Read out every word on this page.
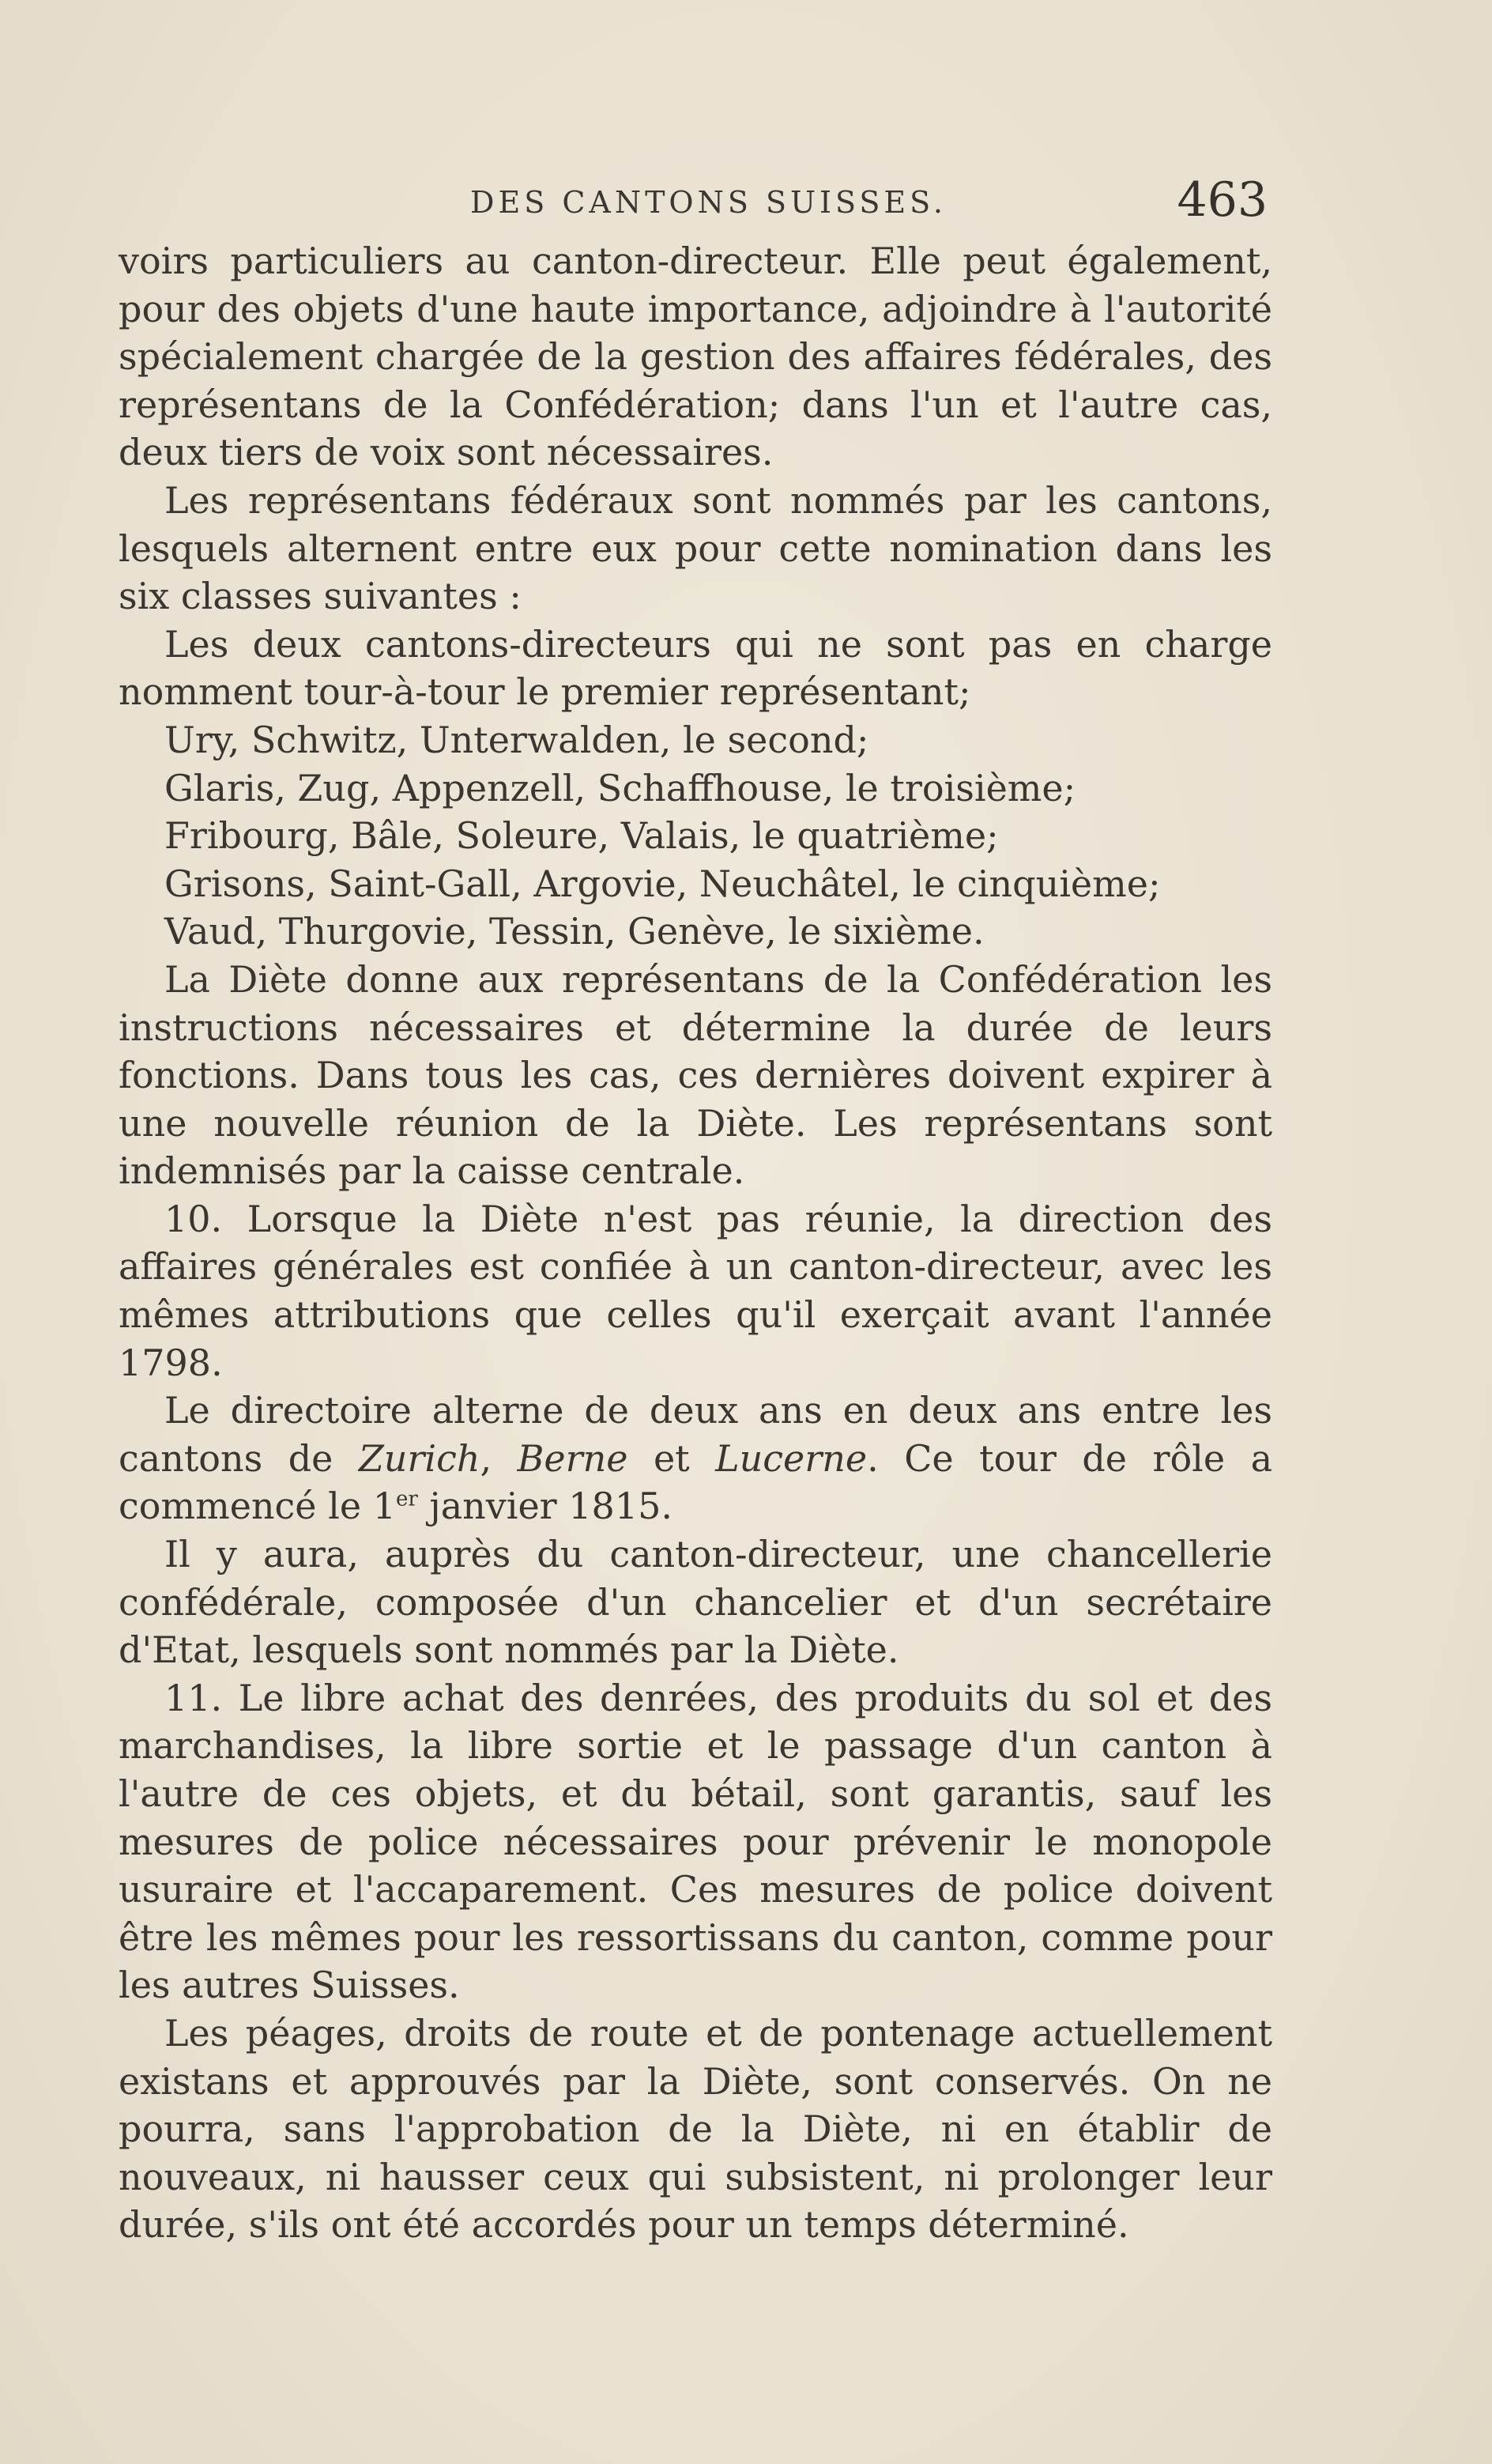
DES CANTONS SUISSES.	463

voirs particuliers au canton-directeur. Elle peut également, pour des objets d'une haute importance, adjoindre à l'autorité spécialement chargée de la gestion des affaires fédérales, des représentans de la Confédération; dans l'un et l'autre cas, deux tiers de voix sont nécessaires.

Les représentans fédéraux sont nommés par les cantons, lesquels alternent entre eux pour cette nomination dans les six classes suivantes :

Les deux cantons-directeurs qui ne sont pas en charge nomment tour-à-tour le premier représentant;

Ury, Schwitz, Unterwalden, le second;

Glaris, Zug, Appenzell, Schaffhouse, le troisième;

Fribourg, Bâle, Soleure, Valais, le quatrième;

Grisons, Saint-Gall, Argovie, Neuchâtel, le cinquième;

Vaud, Thurgovie, Tessin, Genève, le sixième.

La Diète donne aux représentans de la Confédération les instructions nécessaires et détermine la durée de leurs fonctions. Dans tous les cas, ces dernières doivent expirer à une nouvelle réunion de la Diète. Les représentans sont indemnisés par la caisse centrale.

10. Lorsque la Diète n'est pas réunie, la direction des affaires générales est confiée à un canton-directeur, avec les mêmes attributions que celles qu'il exerçait avant l'année 1798.

Le directoire alterne de deux ans en deux ans entre les cantons de Zurich, Berne et Lucerne. Ce tour de rôle a commencé le 1er janvier 1815.

Il y aura, auprès du canton-directeur, une chancellerie confédérale, composée d'un chancelier et d'un secrétaire d'Etat, lesquels sont nommés par la Diète.

11. Le libre achat des denrées, des produits du sol et des marchandises, la libre sortie et le passage d'un canton à l'autre de ces objets, et du bétail, sont garantis, sauf les mesures de police nécessaires pour prévenir le monopole usuraire et l'accaparement. Ces mesures de police doivent être les mêmes pour les ressortissans du canton, comme pour les autres Suisses.

Les péages, droits de route et de pontenage actuellement existans et approuvés par la Diète, sont conservés. On ne pourra, sans l'approbation de la Diète, ni en établir de nouveaux, ni hausser ceux qui subsistent, ni prolonger leur durée, s'ils ont été accordés pour un temps déterminé.
